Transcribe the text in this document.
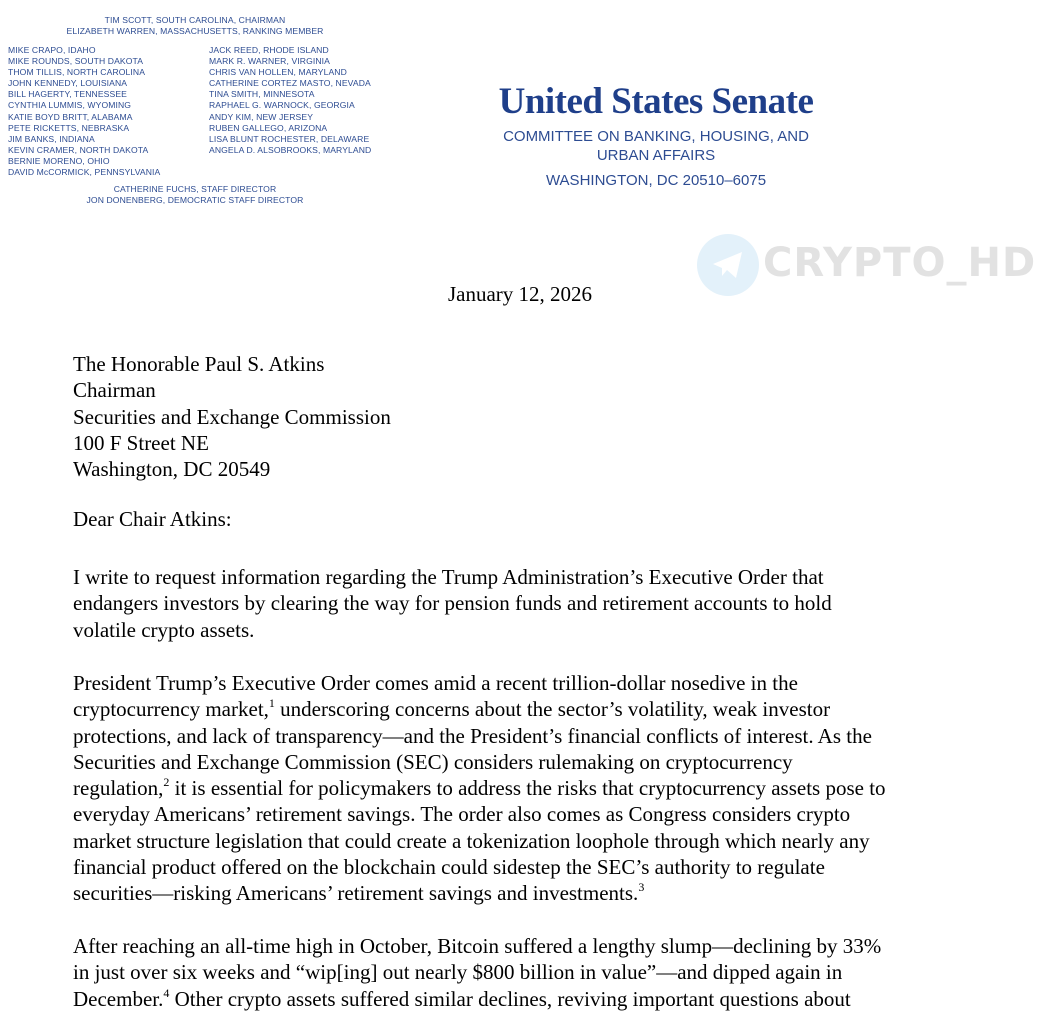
TIM SCOTT, SOUTH CAROLINA, CHAIRMAN
ELIZABETH WARREN, MASSACHUSETTS, RANKING MEMBER
MIKE CRAPO, IDAHO
MIKE ROUNDS, SOUTH DAKOTA
THOM TILLIS, NORTH CAROLINA
JOHN KENNEDY, LOUISIANA
BILL HAGERTY, TENNESSEE
CYNTHIA LUMMIS, WYOMING
KATIE BOYD BRITT, ALABAMA
PETE RICKETTS, NEBRASKA
JIM BANKS, INDIANA
KEVIN CRAMER, NORTH DAKOTA
BERNIE MORENO, OHIO
DAVID McCORMICK, PENNSYLVANIA
JACK REED, RHODE ISLAND
MARK R. WARNER, VIRGINIA
CHRIS VAN HOLLEN, MARYLAND
CATHERINE CORTEZ MASTO, NEVADA
TINA SMITH, MINNESOTA
RAPHAEL G. WARNOCK, GEORGIA
ANDY KIM, NEW JERSEY
RUBEN GALLEGO, ARIZONA
LISA BLUNT ROCHESTER, DELAWARE
ANGELA D. ALSOBROOKS, MARYLAND
CATHERINE FUCHS, STAFF DIRECTOR
JON DONENBERG, DEMOCRATIC STAFF DIRECTOR
United States Senate
COMMITTEE ON BANKING, HOUSING, AND
URBAN AFFAIRS
WASHINGTON, DC 20510–6075
CRYPTO_HD
January 12, 2026
The Honorable Paul S. Atkins
Chairman
Securities and Exchange Commission
100 F Street NE
Washington, DC 20549
Dear Chair Atkins:
I write to request information regarding the Trump Administration’s Executive Order that
endangers investors by clearing the way for pension funds and retirement accounts to hold
volatile crypto assets.
President Trump’s Executive Order comes amid a recent trillion-dollar nosedive in the
cryptocurrency market,$^1$ underscoring concerns about the sector’s volatility, weak investor
protections, and lack of transparency—and the President’s financial conflicts of interest. As the
Securities and Exchange Commission (SEC) considers rulemaking on cryptocurrency
regulation,$^2$ it is essential for policymakers to address the risks that cryptocurrency assets pose to
everyday Americans’ retirement savings. The order also comes as Congress considers crypto
market structure legislation that could create a tokenization loophole through which nearly any
financial product offered on the blockchain could sidestep the SEC’s authority to regulate
securities—risking Americans’ retirement savings and investments.$^3$
After reaching an all-time high in October, Bitcoin suffered a lengthy slump—declining by 33%
in just over six weeks and “wip[ing] out nearly $800 billion in value”—and dipped again in
December.$^4$ Other crypto assets suffered similar declines, reviving important questions about
